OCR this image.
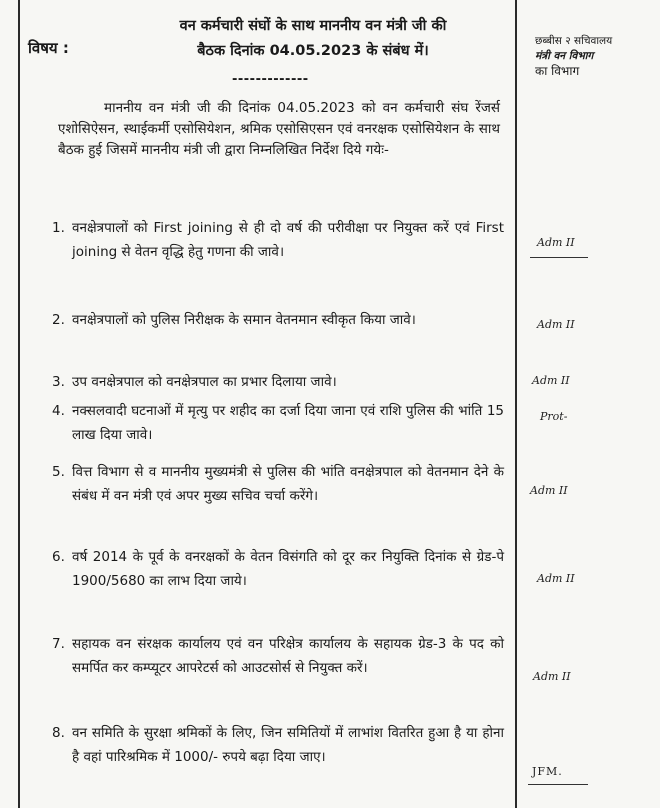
विषय :
वन कर्मचारी संघों के साथ माननीय वन मंत्री जी की
बैठक दिनांक 04.05.2023 के संबंध में।
-------------
छब्बीस २ सचिवालय
मंत्री वन विभाग
का विभाग
माननीय वन मंत्री जी की दिनांक 04.05.2023 को वन कर्मचारी संघ रेंजर्स एशोसिऐसन, स्थाईकर्मी एसोसियेशन, श्रमिक एसोसिएसन एवं वनरक्षक एसोसियेशन के साथ बैठक हुई जिसमें माननीय मंत्री जी द्वारा निम्नलिखित निर्देश दिये गयेः-
1. वनक्षेत्रपालों को First joining से ही दो वर्ष की परीवीक्षा पर नियुक्त करें एवं First joining से वेतन वृद्धि हेतु गणना की जावे।
2. वनक्षेत्रपालों को पुलिस निरीक्षक के समान वेतनमान स्वीकृत किया जावे।
3. उप वनक्षेत्रपाल को वनक्षेत्रपाल का प्रभार दिलाया जावे।
4. नक्सलवादी घटनाओं में मृत्यु पर शहीद का दर्जा दिया जाना एवं राशि पुलिस की भांति 15 लाख दिया जावे।
5. वित्त विभाग से व माननीय मुख्यमंत्री से पुलिस की भांति वनक्षेत्रपाल को वेतनमान देने के संबंध में वन मंत्री एवं अपर मुख्य सचिव चर्चा करेंगे।
6. वर्ष 2014 के पूर्व के वनरक्षकों के वेतन विसंगति को दूर कर नियुक्ति दिनांक से ग्रेड-पे 1900/5680 का लाभ दिया जाये।
7. सहायक वन संरक्षक कार्यालय एवं वन परिक्षेत्र कार्यालय के सहायक ग्रेड-3 के पद को समर्पित कर कम्प्यूटर आपरेटर्स को आउटसोर्स से नियुक्त करें।
8. वन समिति के सुरक्षा श्रमिकों के लिए, जिन समितियों में लाभांश वितरित हुआ है या होना है वहां पारिश्रमिक में 1000/- रुपये बढ़ा दिया जाए।
Adm II
Adm II
Adm II
Prot-
Adm II
Adm II
Adm II
JFM.
